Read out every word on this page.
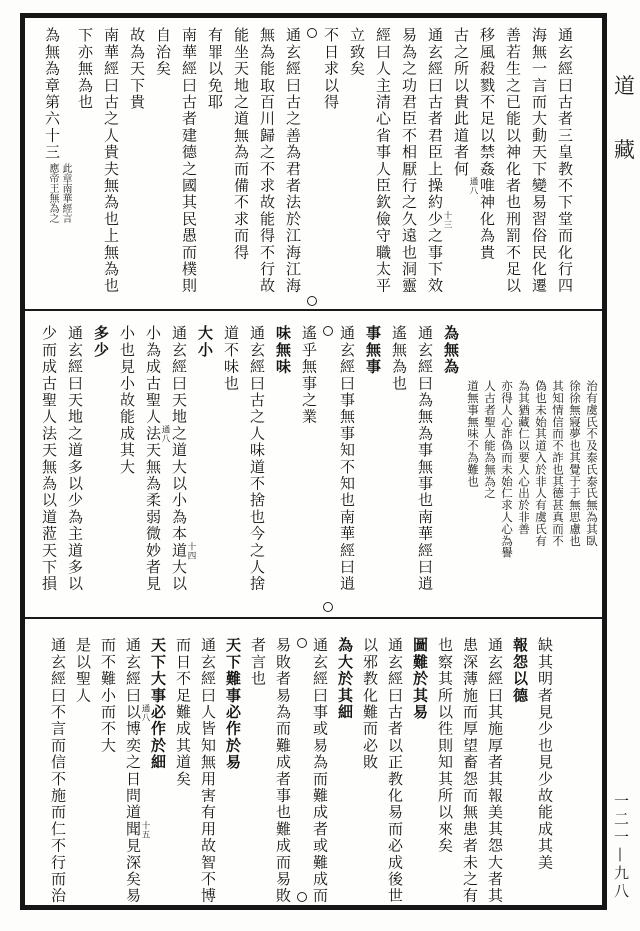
通玄經曰古者三皇教不下堂而化行四
海無一言而大動天下變易習俗民化遷
善若生之已能以神化者也刑罰不足以
移風殺戮不足以禁姦唯神化為貴
古之所以貴此道者何
通八
通玄經曰古者君臣上操約
十三
少之事下效
易為之功君臣不相厭行之久遠也洞靈
經曰人主清心省事人臣欽儉守職太平
立致矣
不日求以得
通玄經曰古之善為君者法於江海江海
無為能取百川歸之不求故能得不行故
能坐天地之道無為而備不求而得
有罪以免耶
南華經曰古者建德之國其民愚而樸則
自治矣
故為天下貴
南華經曰古之人貴夫無為也上無為也
下亦無為也
為無為章第六十三
此章南華經言
應帝王無為之
治有虞氏不及泰氏泰氏無為其臥
徐徐無寢夢也其覺于于無思慮也
其知情信而不詐也其德甚真而不
偽也未始其道入於非人有虞氏有
為其猶藏仁以要人心出於非善
亦得人心詐偽而未始仁求人心為譽
人古者聖人能為無為之
道無事無味不為難也
為無為
通玄經曰為無為事無事也南華經曰逍
遙無為也
事無事
通玄經曰事無事知不知也南華經曰逍
遙乎無事之業
味無味
通玄經曰古之人味道不捨也今之人捨
道不味也
大小
通玄經曰天地之道大以小為本
十四
道大以
小為成古聖人
通八
法天無為柔弱微妙者見
小也見小故能成其大
多少
通玄經曰天地之道多以少為主道多以
少而成古聖人法天無為以道蒞天下損
缺其明者見少也見少故能成其美
報怨以德
通玄經曰其施厚者其報美其怨大者其
患深薄施而厚望畜怨而無患者未之有
也察其所以徃則知其所以來矣
圖難於其易
通玄經曰古者以正教化易而必成後世
以邪教化難而必敗
為大於其細
通玄經曰事或易為而難成者或難成而
易敗者易為而難成者事也難成而易敗
者言也
天下難事必作於易
通玄經曰人皆知無用害有用故智不博
而日不足難成其道矣
天下大事必作於細
通玄經曰
通八
以博奕之日問道
十五
聞見深矣易
而不難小而不大
是以聖人
通玄經曰不言而信不施而仁不行而治
道
藏
一二一—九八
